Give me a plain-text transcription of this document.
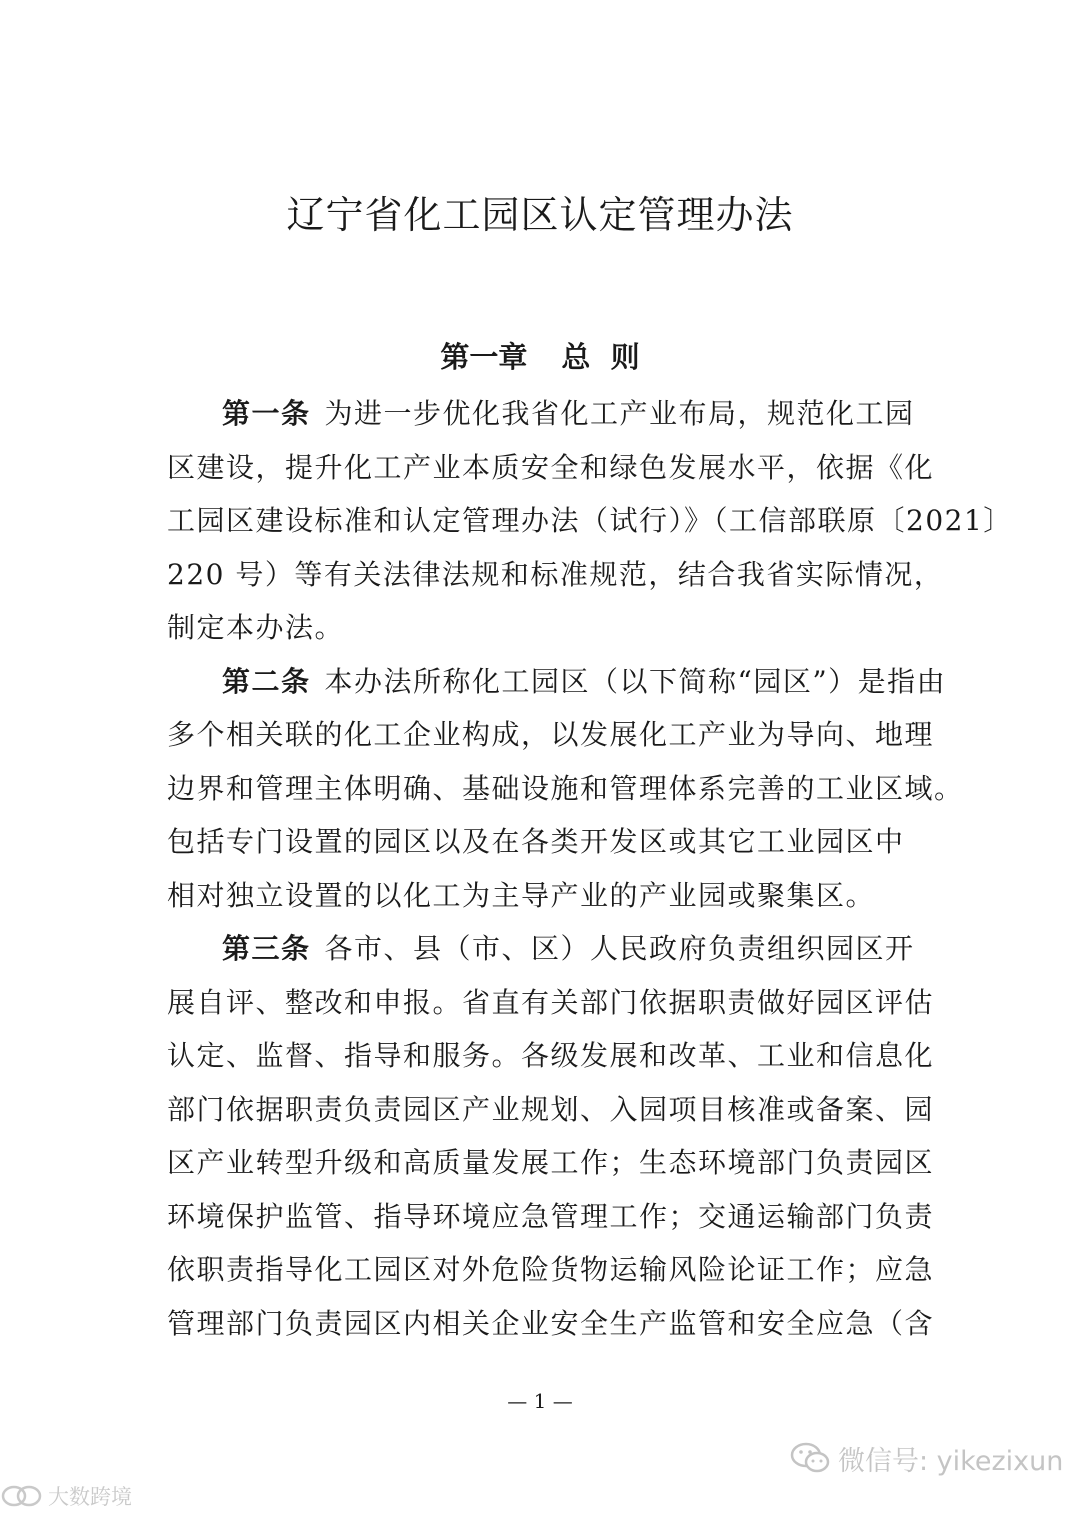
辽宁省化工园区认定管理办法
第一章 总  则
第一条 为进一步优化我省化工产业布局，规范化工园
区建设，提升化工产业本质安全和绿色发展水平，依据《化
工园区建设标准和认定管理办法（试行）》（工信部联原〔2021〕
220 号）等有关法律法规和标准规范，结合我省实际情况，
制定本办法。
第二条 本办法所称化工园区（以下简称“园区”）是指由
多个相关联的化工企业构成，以发展化工产业为导向、地理
边界和管理主体明确、基础设施和管理体系完善的工业区域。
包括专门设置的园区以及在各类开发区或其它工业园区中
相对独立设置的以化工为主导产业的产业园或聚集区。
第三条 各市、县（市、区）人民政府负责组织园区开
展自评、整改和申报。省直有关部门依据职责做好园区评估
认定、监督、指导和服务。各级发展和改革、工业和信息化
部门依据职责负责园区产业规划、入园项目核准或备案、园
区产业转型升级和高质量发展工作；生态环境部门负责园区
环境保护监管、指导环境应急管理工作；交通运输部门负责
依职责指导化工园区对外危险货物运输风险论证工作；应急
管理部门负责园区内相关企业安全生产监管和安全应急（含
— 1 —
大数跨境
微信号: yikezixun
